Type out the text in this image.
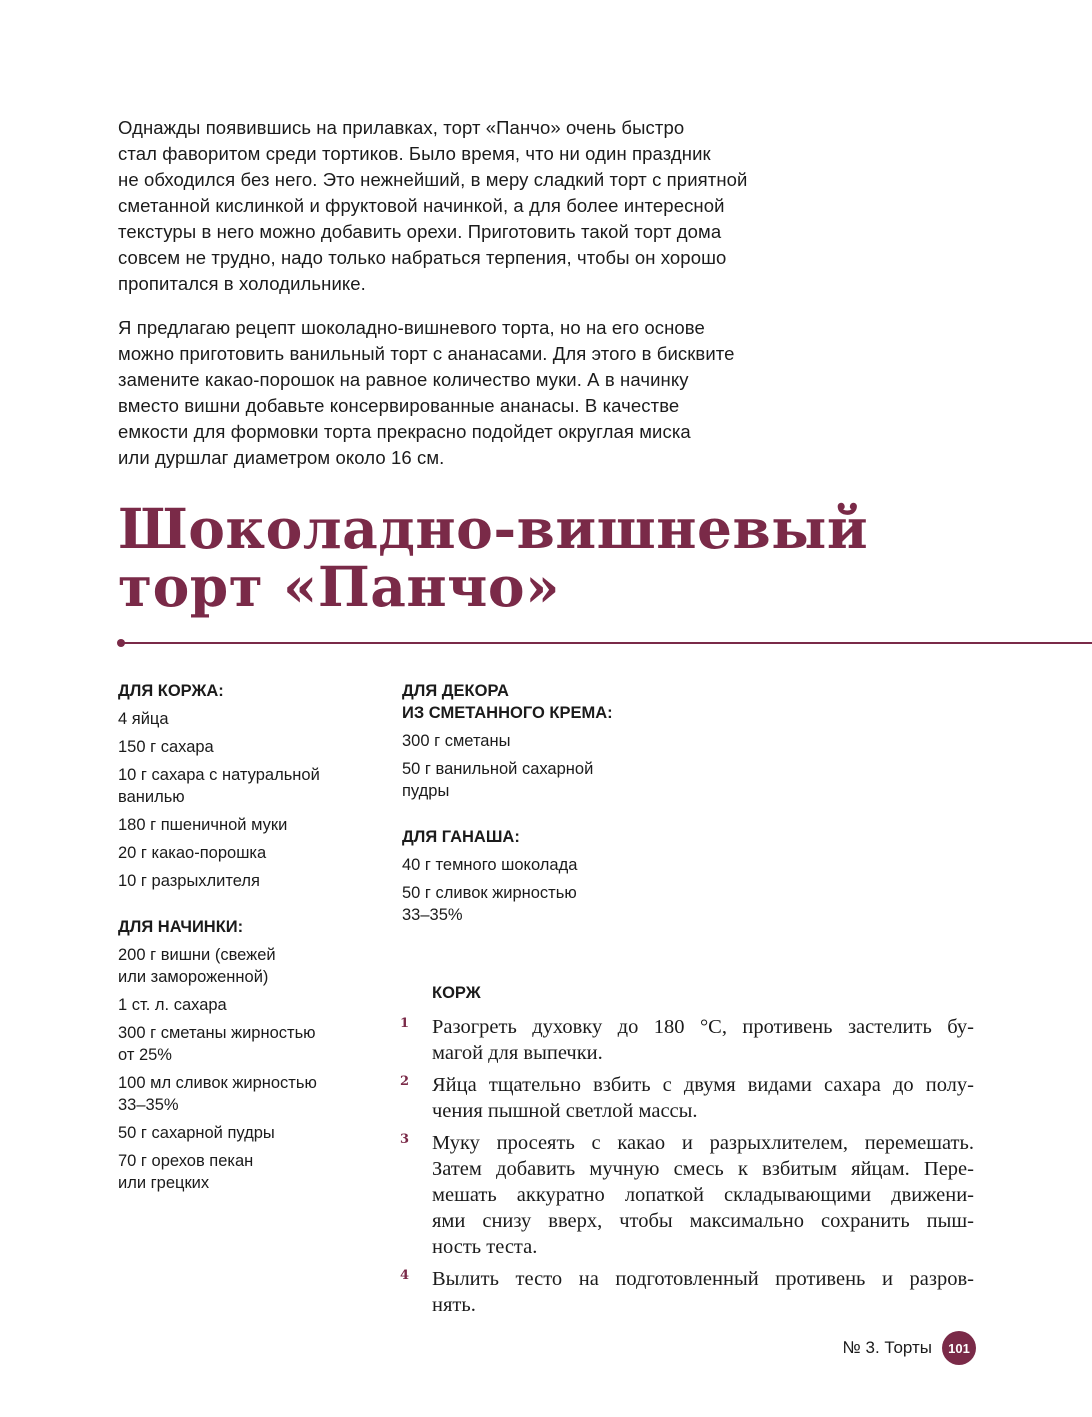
Однажды появившись на прилавках, торт «Панчо» очень быстро
стал фаворитом среди тортиков. Было время, что ни один праздник
не обходился без него. Это нежнейший, в меру сладкий торт с приятной
сметанной кислинкой и фруктовой начинкой, а для более интересной
текстуры в него можно добавить орехи. Приготовить такой торт дома
совсем не трудно, надо только набраться терпения, чтобы он хорошо
пропитался в холодильнике.

Я предлагаю рецепт шоколадно-вишневого торта, но на его основе
можно приготовить ванильный торт с ананасами. Для этого в бисквите
замените какао-порошок на равное количество муки. А в начинку
вместо вишни добавьте консервированные ананасы. В качестве
емкости для формовки торта прекрасно подойдет округлая миска
или дуршлаг диаметром около 16 см.

Шоколадно-вишневый
торт «Панчо»
ДЛЯ КОРЖА:
4 яйца
150 г сахара
10 г сахара с натуральной
ванилью
180 г пшеничной муки
20 г какао-порошка
10 г разрыхлителя
ДЛЯ НАЧИНКИ:
200 г вишни (свежей
или замороженной)
1 ст. л. сахара
300 г сметаны жирностью
от 25%
100 мл сливок жирностью
33–35%
50 г сахарной пудры
70 г орехов пекан
или грецких
ДЛЯ ДЕКОРА
ИЗ СМЕТАННОГО КРЕМА:
300 г сметаны
50 г ванильной сахарной
пудры
ДЛЯ ГАНАША:
40 г темного шоколада
50 г сливок жирностью
33–35%
КОРЖ
1 Разогреть духовку до 180 °С, противень застелить бу-
магой для выпечки.
2 Яйца тщательно взбить с двумя видами сахара до полу-
чения пышной светлой массы.
3 Муку просеять с какао и разрыхлителем, перемешать.
Затем добавить мучную смесь к взбитым яйцам. Пере-
мешать аккуратно лопаткой складывающими движени-
ями снизу вверх, чтобы максимально сохранить пыш-
ность теста.
4 Вылить тесто на подготовленный противень и разров-
нять.
№ 3. Торты	101
